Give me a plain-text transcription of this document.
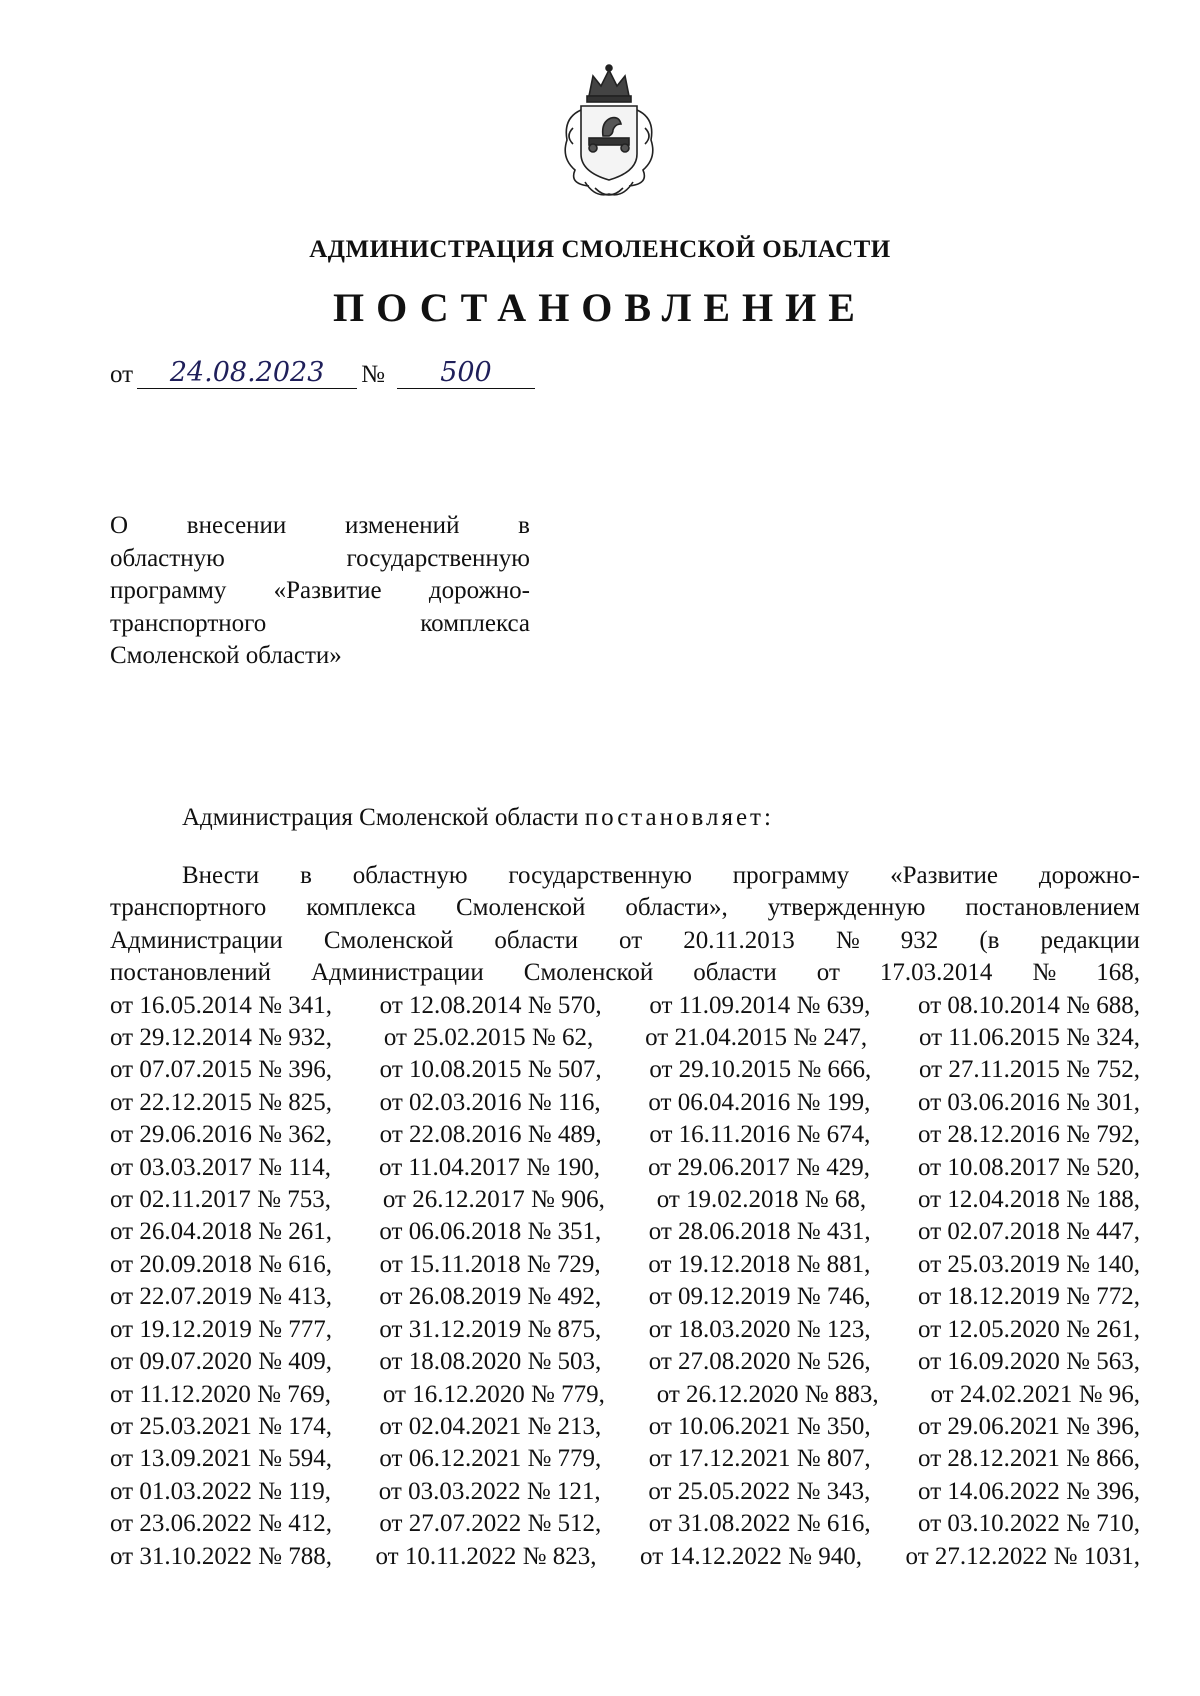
АДМИНИСТРАЦИЯ СМОЛЕНСКОЙ ОБЛАСТИ
ПОСТАНОВЛЕНИЕ
от	24.08.2023	№	500
О внесении изменений в
областную	государственную
программу «Развитие дорожно-
транспортного	комплекса
Смоленской области»
Администрация Смоленской области постановляет:
Внести в областную государственную программу «Развитие дорожно-
транспортного комплекса Смоленской области», утвержденную постановлением
Администрации Смоленской области от 20.11.2013 № 932 (в редакции
постановлений Администрации Смоленской области от 17.03.2014 № 168,
от 16.05.2014 № 341, от 12.08.2014 № 570, от 11.09.2014 № 639, от 08.10.2014 № 688,
от 29.12.2014 № 932, от 25.02.2015 № 62, от 21.04.2015 № 247, от 11.06.2015 № 324,
от 07.07.2015 № 396, от 10.08.2015 № 507, от 29.10.2015 № 666, от 27.11.2015 № 752,
от 22.12.2015 № 825, от 02.03.2016 № 116, от 06.04.2016 № 199, от 03.06.2016 № 301,
от 29.06.2016 № 362, от 22.08.2016 № 489, от 16.11.2016 № 674, от 28.12.2016 № 792,
от 03.03.2017 № 114, от 11.04.2017 № 190, от 29.06.2017 № 429, от 10.08.2017 № 520,
от 02.11.2017 № 753, от 26.12.2017 № 906, от 19.02.2018 № 68, от 12.04.2018 № 188,
от 26.04.2018 № 261, от 06.06.2018 № 351, от 28.06.2018 № 431, от 02.07.2018 № 447,
от 20.09.2018 № 616, от 15.11.2018 № 729, от 19.12.2018 № 881, от 25.03.2019 № 140,
от 22.07.2019 № 413, от 26.08.2019 № 492, от 09.12.2019 № 746, от 18.12.2019 № 772,
от 19.12.2019 № 777, от 31.12.2019 № 875, от 18.03.2020 № 123, от 12.05.2020 № 261,
от 09.07.2020 № 409, от 18.08.2020 № 503, от 27.08.2020 № 526, от 16.09.2020 № 563,
от 11.12.2020 № 769, от 16.12.2020 № 779, от 26.12.2020 № 883, от 24.02.2021 № 96,
от 25.03.2021 № 174, от 02.04.2021 № 213, от 10.06.2021 № 350, от 29.06.2021 № 396,
от 13.09.2021 № 594, от 06.12.2021 № 779, от 17.12.2021 № 807, от 28.12.2021 № 866,
от 01.03.2022 № 119, от 03.03.2022 № 121, от 25.05.2022 № 343, от 14.06.2022 № 396,
от 23.06.2022 № 412, от 27.07.2022 № 512, от 31.08.2022 № 616, от 03.10.2022 № 710,
от 31.10.2022 № 788, от 10.11.2022 № 823, от 14.12.2022 № 940, от 27.12.2022 № 1031,
